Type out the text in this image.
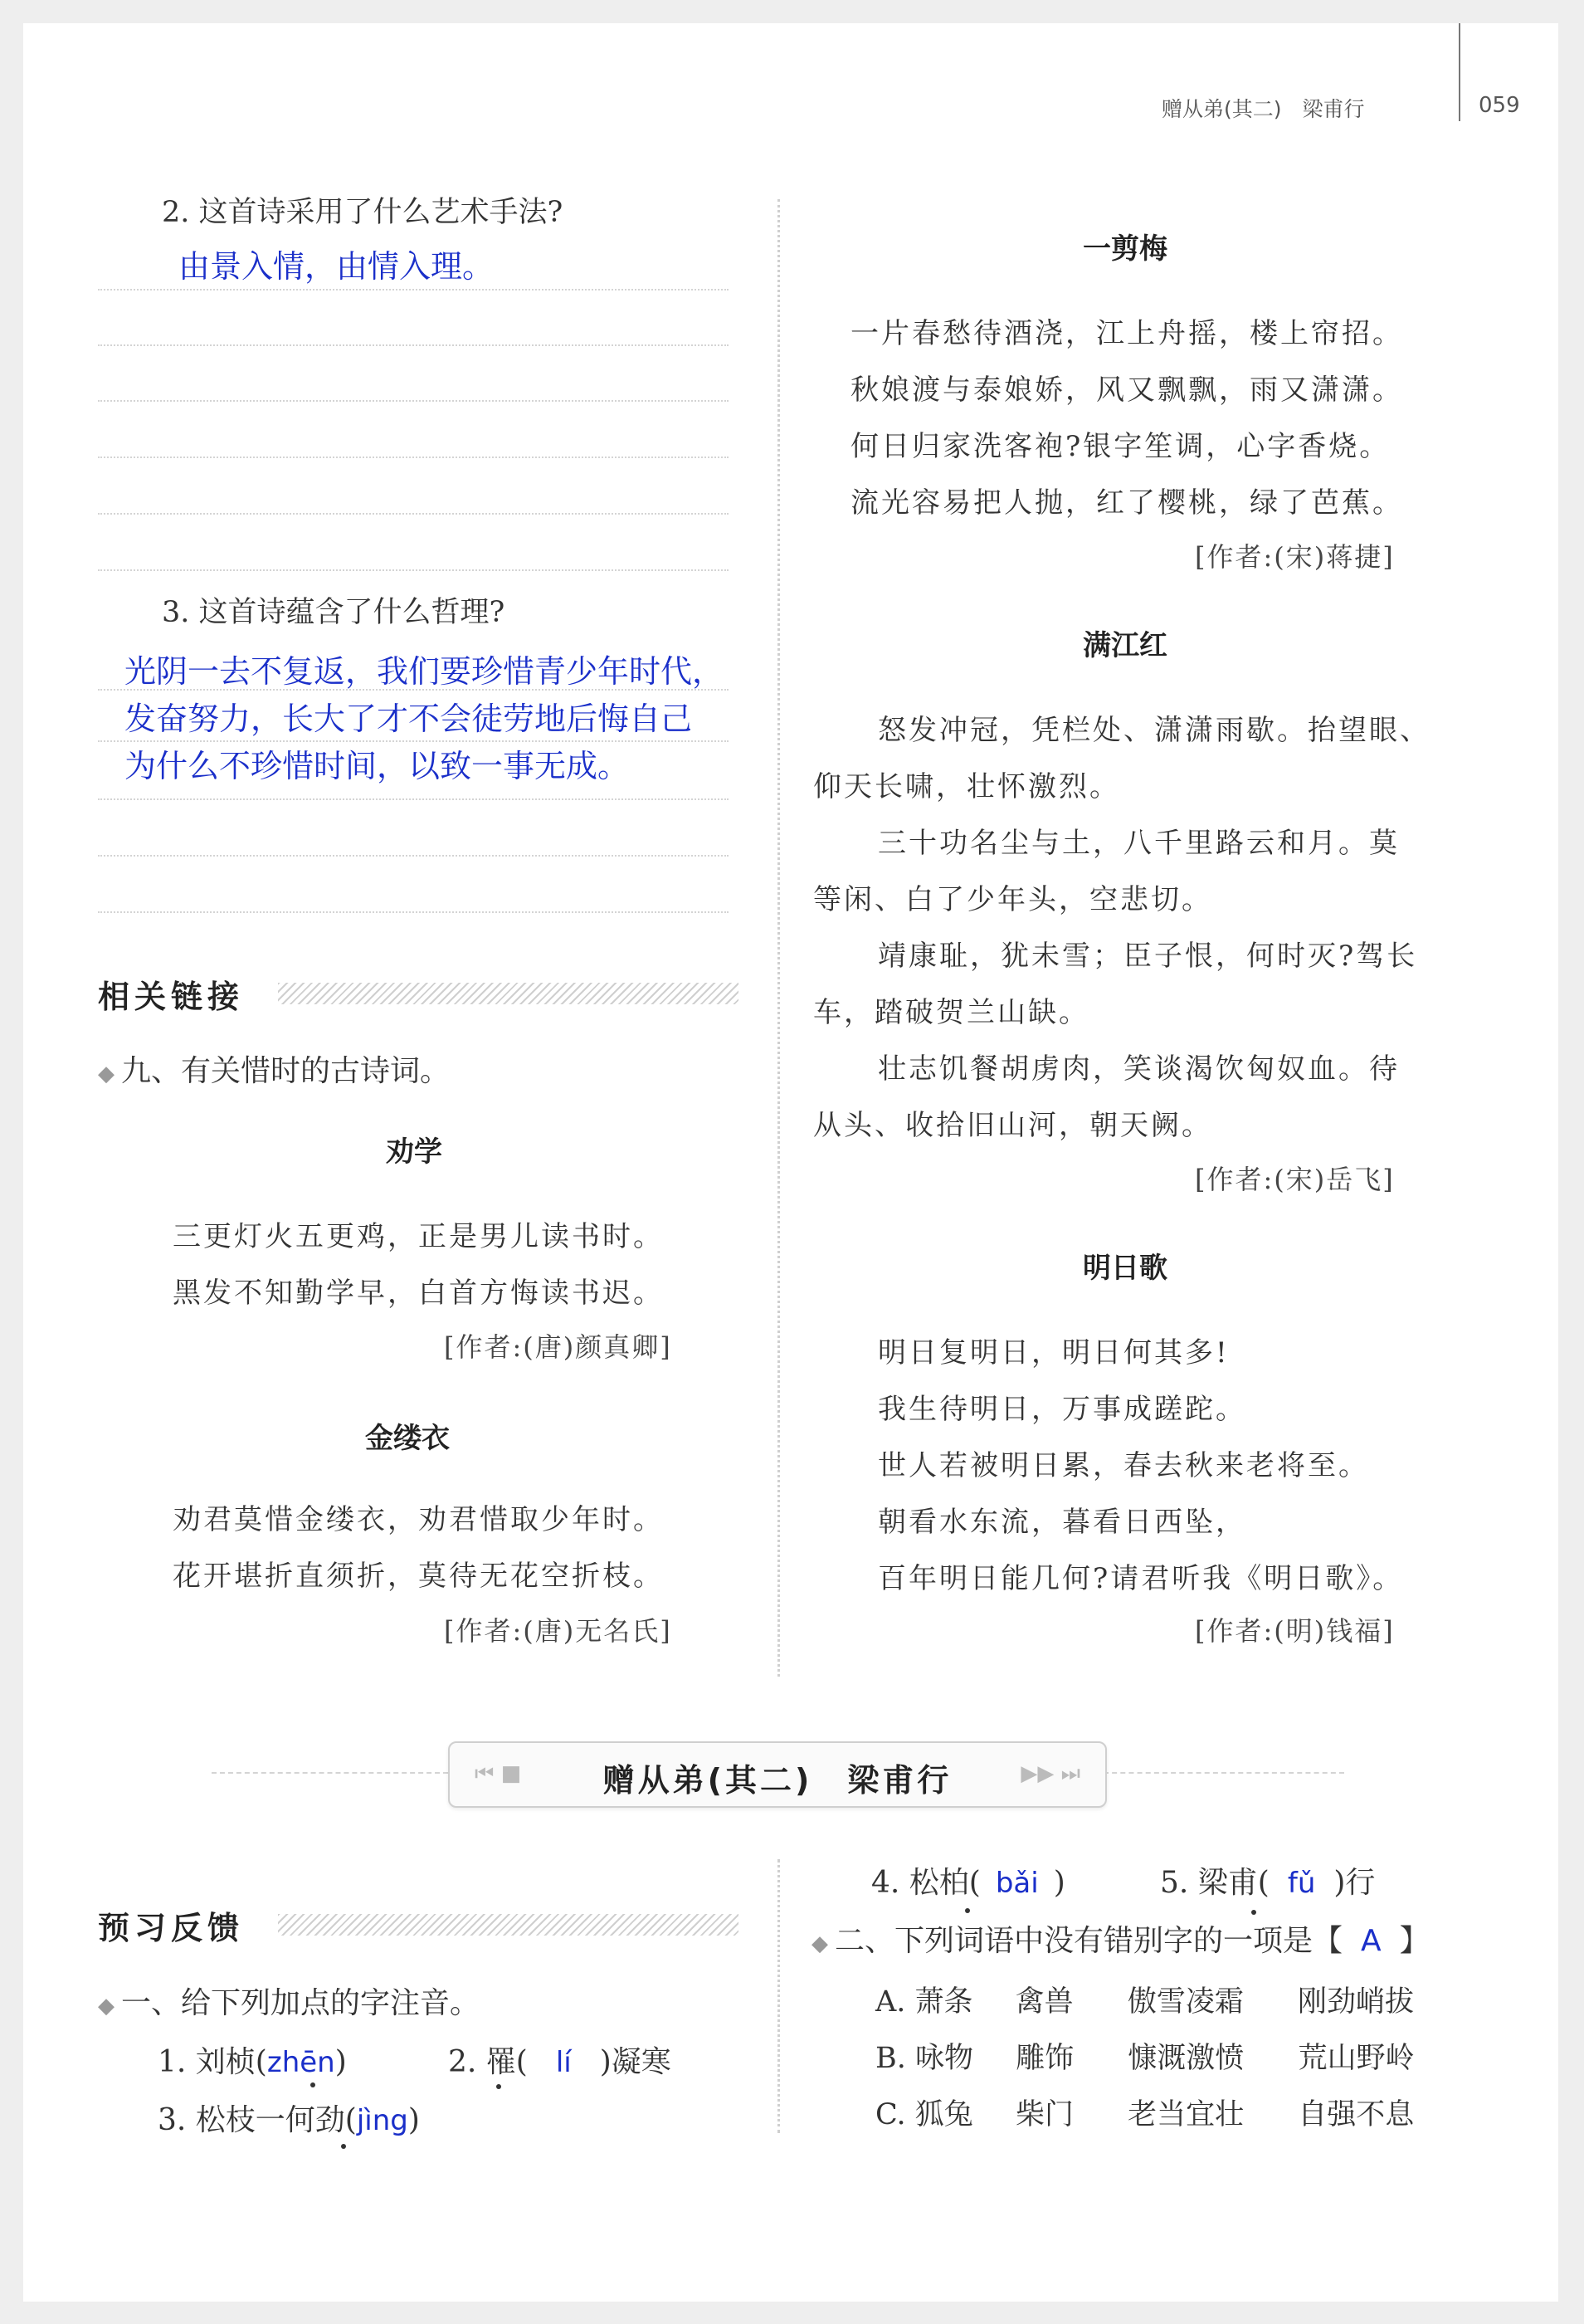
赠从弟(其二)　梁甫行	059
2. 这首诗采用了什么艺术手法?
由景入情，由情入理。
3. 这首诗蕴含了什么哲理?
光阴一去不复返，我们要珍惜青少年时代，
发奋努力，长大了才不会徒劳地后悔自己
为什么不珍惜时间，以致一事无成。
相关链接
◆ 九、有关惜时的古诗词。
劝学
三更灯火五更鸡，正是男儿读书时。
黑发不知勤学早，白首方悔读书迟。
[作者:(唐)颜真卿]
金缕衣
劝君莫惜金缕衣，劝君惜取少年时。
花开堪折直须折，莫待无花空折枝。
[作者:(唐)无名氏]
一剪梅
一片春愁待酒浇，江上舟摇，楼上帘招。
秋娘渡与泰娘娇，风又飘飘，雨又潇潇。
何日归家洗客袍?银字笙调，心字香烧。
流光容易把人抛，红了樱桃，绿了芭蕉。
[作者:(宋)蒋捷]
满江红
怒发冲冠，凭栏处、潇潇雨歇。抬望眼、
仰天长啸，壮怀激烈。
三十功名尘与土，八千里路云和月。莫
等闲、白了少年头，空悲切。
靖康耻，犹未雪；臣子恨，何时灭?驾长
车，踏破贺兰山缺。
壮志饥餐胡虏肉，笑谈渴饮匈奴血。待
从头、收拾旧山河，朝天阙。
[作者:(宋)岳飞]
明日歌
明日复明日，明日何其多!
我生待明日，万事成蹉跎。
世人若被明日累，春去秋来老将至。
朝看水东流，暮看日西坠，
百年明日能几何?请君听我《明日歌》。
[作者:(明)钱福]
⏮ ■	赠从弟(其二)　梁甫行	▶▶ ⏭
预习反馈
◆ 一、给下列加点的字注音。
1. 刘桢(zhēn)	2. 罹( lí )凝寒
3. 松枝一何劲(jìng)
4. 松柏( bǎi )	5. 梁甫( fǔ )行
◆ 二、下列词语中没有错别字的一项是【 A 】
A. 萧条 禽兽 傲雪凌霜 刚劲峭拔
B. 咏物 雕饰 慷溉激愤 荒山野岭
C. 狐兔 柴门 老当宜壮 自强不息
